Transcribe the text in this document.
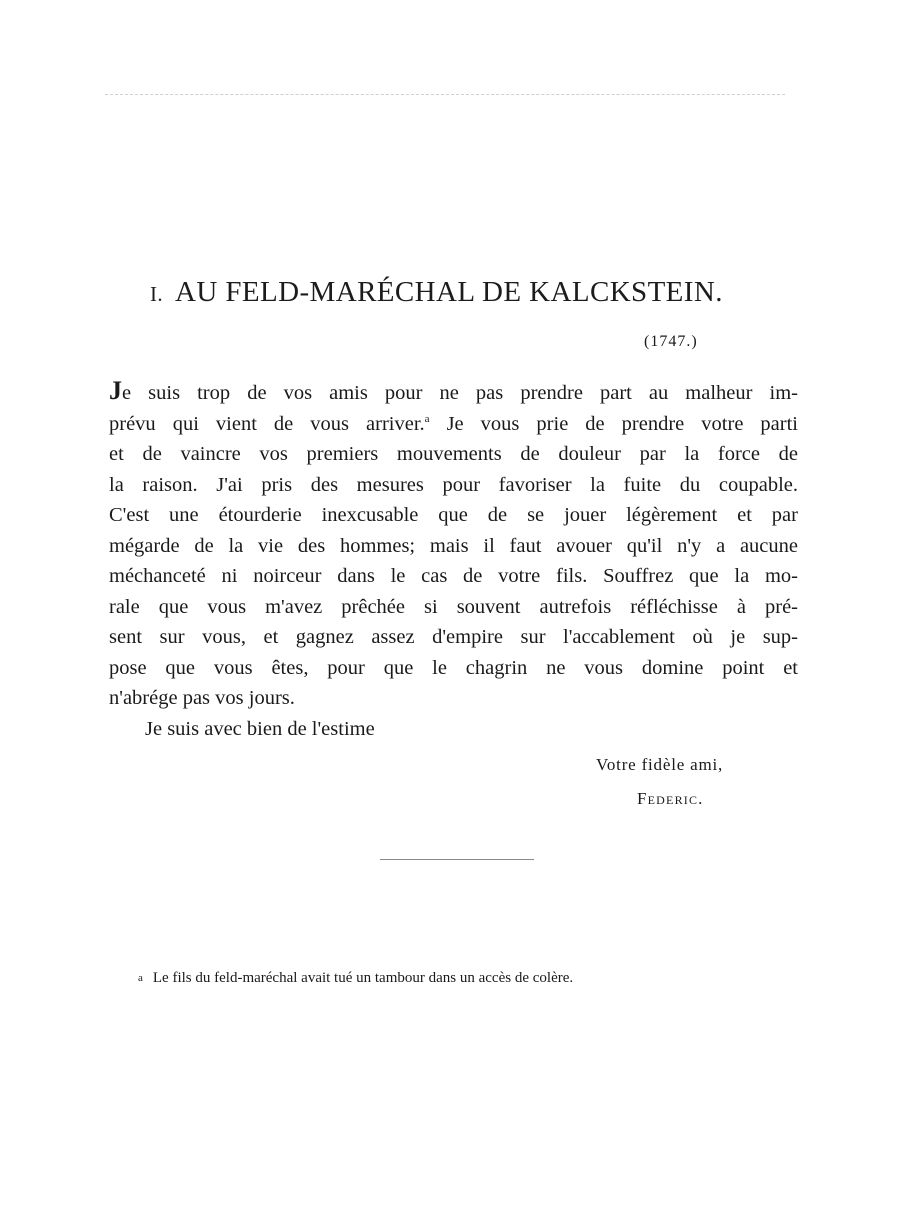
I. AU FELD-MARÉCHAL DE KALCKSTEIN.
(1747.)
Je suis trop de vos amis pour ne pas prendre part au malheur im-
prévu qui vient de vous arriver.$^a$ Je vous prie de prendre votre parti
et de vaincre vos premiers mouvements de douleur par la force de
la raison. J'ai pris des mesures pour favoriser la fuite du coupable.
C'est une étourderie inexcusable que de se jouer légèrement et par
mégarde de la vie des hommes; mais il faut avouer qu'il n'y a aucune
méchanceté ni noirceur dans le cas de votre fils. Souffrez que la mo-
rale que vous m'avez prêchée si souvent autrefois réfléchisse à pré-
sent sur vous, et gagnez assez d'empire sur l'accablement où je sup-
pose que vous êtes, pour que le chagrin ne vous domine point et
n'abrége pas vos jours.
Je suis avec bien de l'estime
Votre fidèle ami,
Federic.
a Le fils du feld-maréchal avait tué un tambour dans un accès de colère.
